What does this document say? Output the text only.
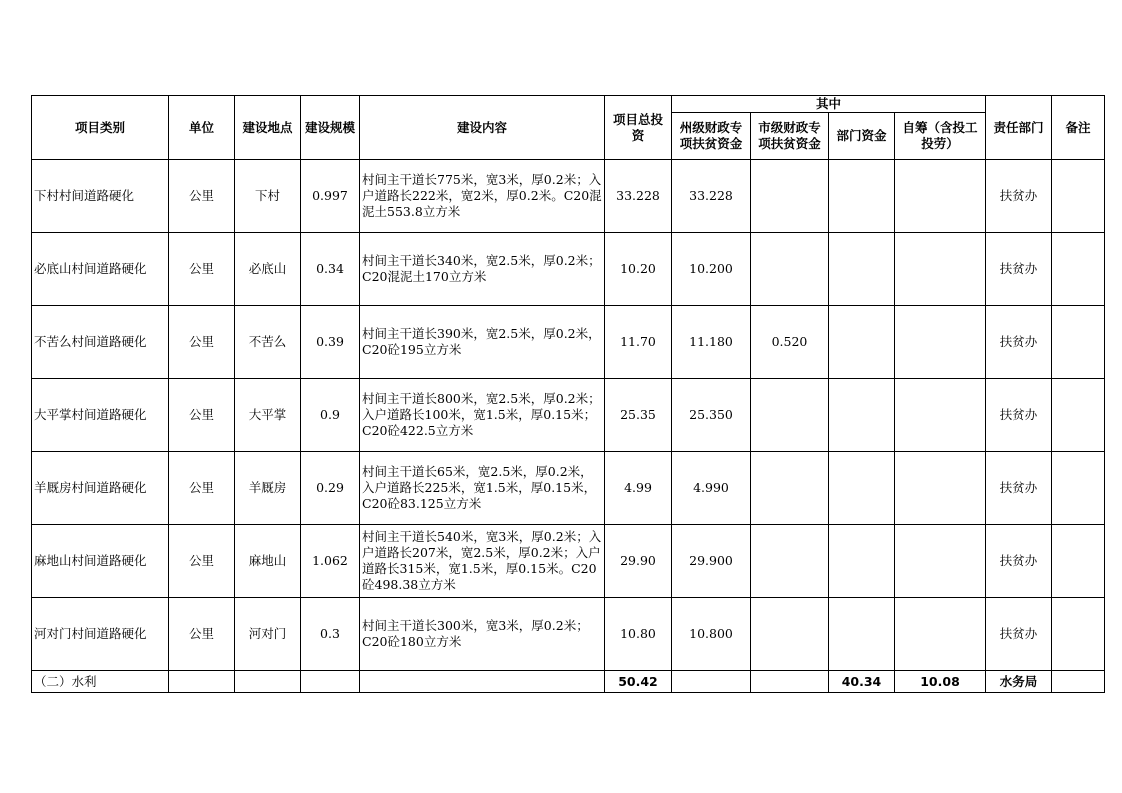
项目类别	单位	建设地点	建设规模	建设内容	项目总投资	其中				责任部门	备注
						州级财政专项扶贫资金	市级财政专项扶贫资金	部门资金	自筹（含投工投劳）		
下村村间道路硬化	公里	下村	0.997	村间主干道长775米，宽3米，厚0.2米；入户道路长222米，宽2米，厚0.2米。C20混泥土553.8立方米	33.228	33.228				扶贫办	
必底山村间道路硬化	公里	必底山	0.34	村间主干道长340米，宽2.5米，厚0.2米；C20混泥土170立方米	10.20	10.200				扶贫办	
不苦么村间道路硬化	公里	不苦么	0.39	村间主干道长390米，宽2.5米，厚0.2米，C20砼195立方米	11.70	11.180	0.520			扶贫办	
大平掌村间道路硬化	公里	大平掌	0.9	村间主干道长800米，宽2.5米，厚0.2米；入户道路长100米，宽1.5米，厚0.15米；C20砼422.5立方米	25.35	25.350				扶贫办	
羊厩房村间道路硬化	公里	羊厩房	0.29	村间主干道长65米，宽2.5米，厚0.2米，入户道路长225米，宽1.5米，厚0.15米，C20砼83.125立方米	4.99	4.990				扶贫办	
麻地山村间道路硬化	公里	麻地山	1.062	村间主干道长540米，宽3米，厚0.2米；入户道路长207米，宽2.5米，厚0.2米；入户道路长315米，宽1.5米，厚0.15米。C20砼498.38立方米	29.90	29.900				扶贫办	
河对门村间道路硬化	公里	河对门	0.3	村间主干道长300米，宽3米，厚0.2米；C20砼180立方米	10.80	10.800				扶贫办	
（二）水利					50.42			40.34	10.08	水务局	
